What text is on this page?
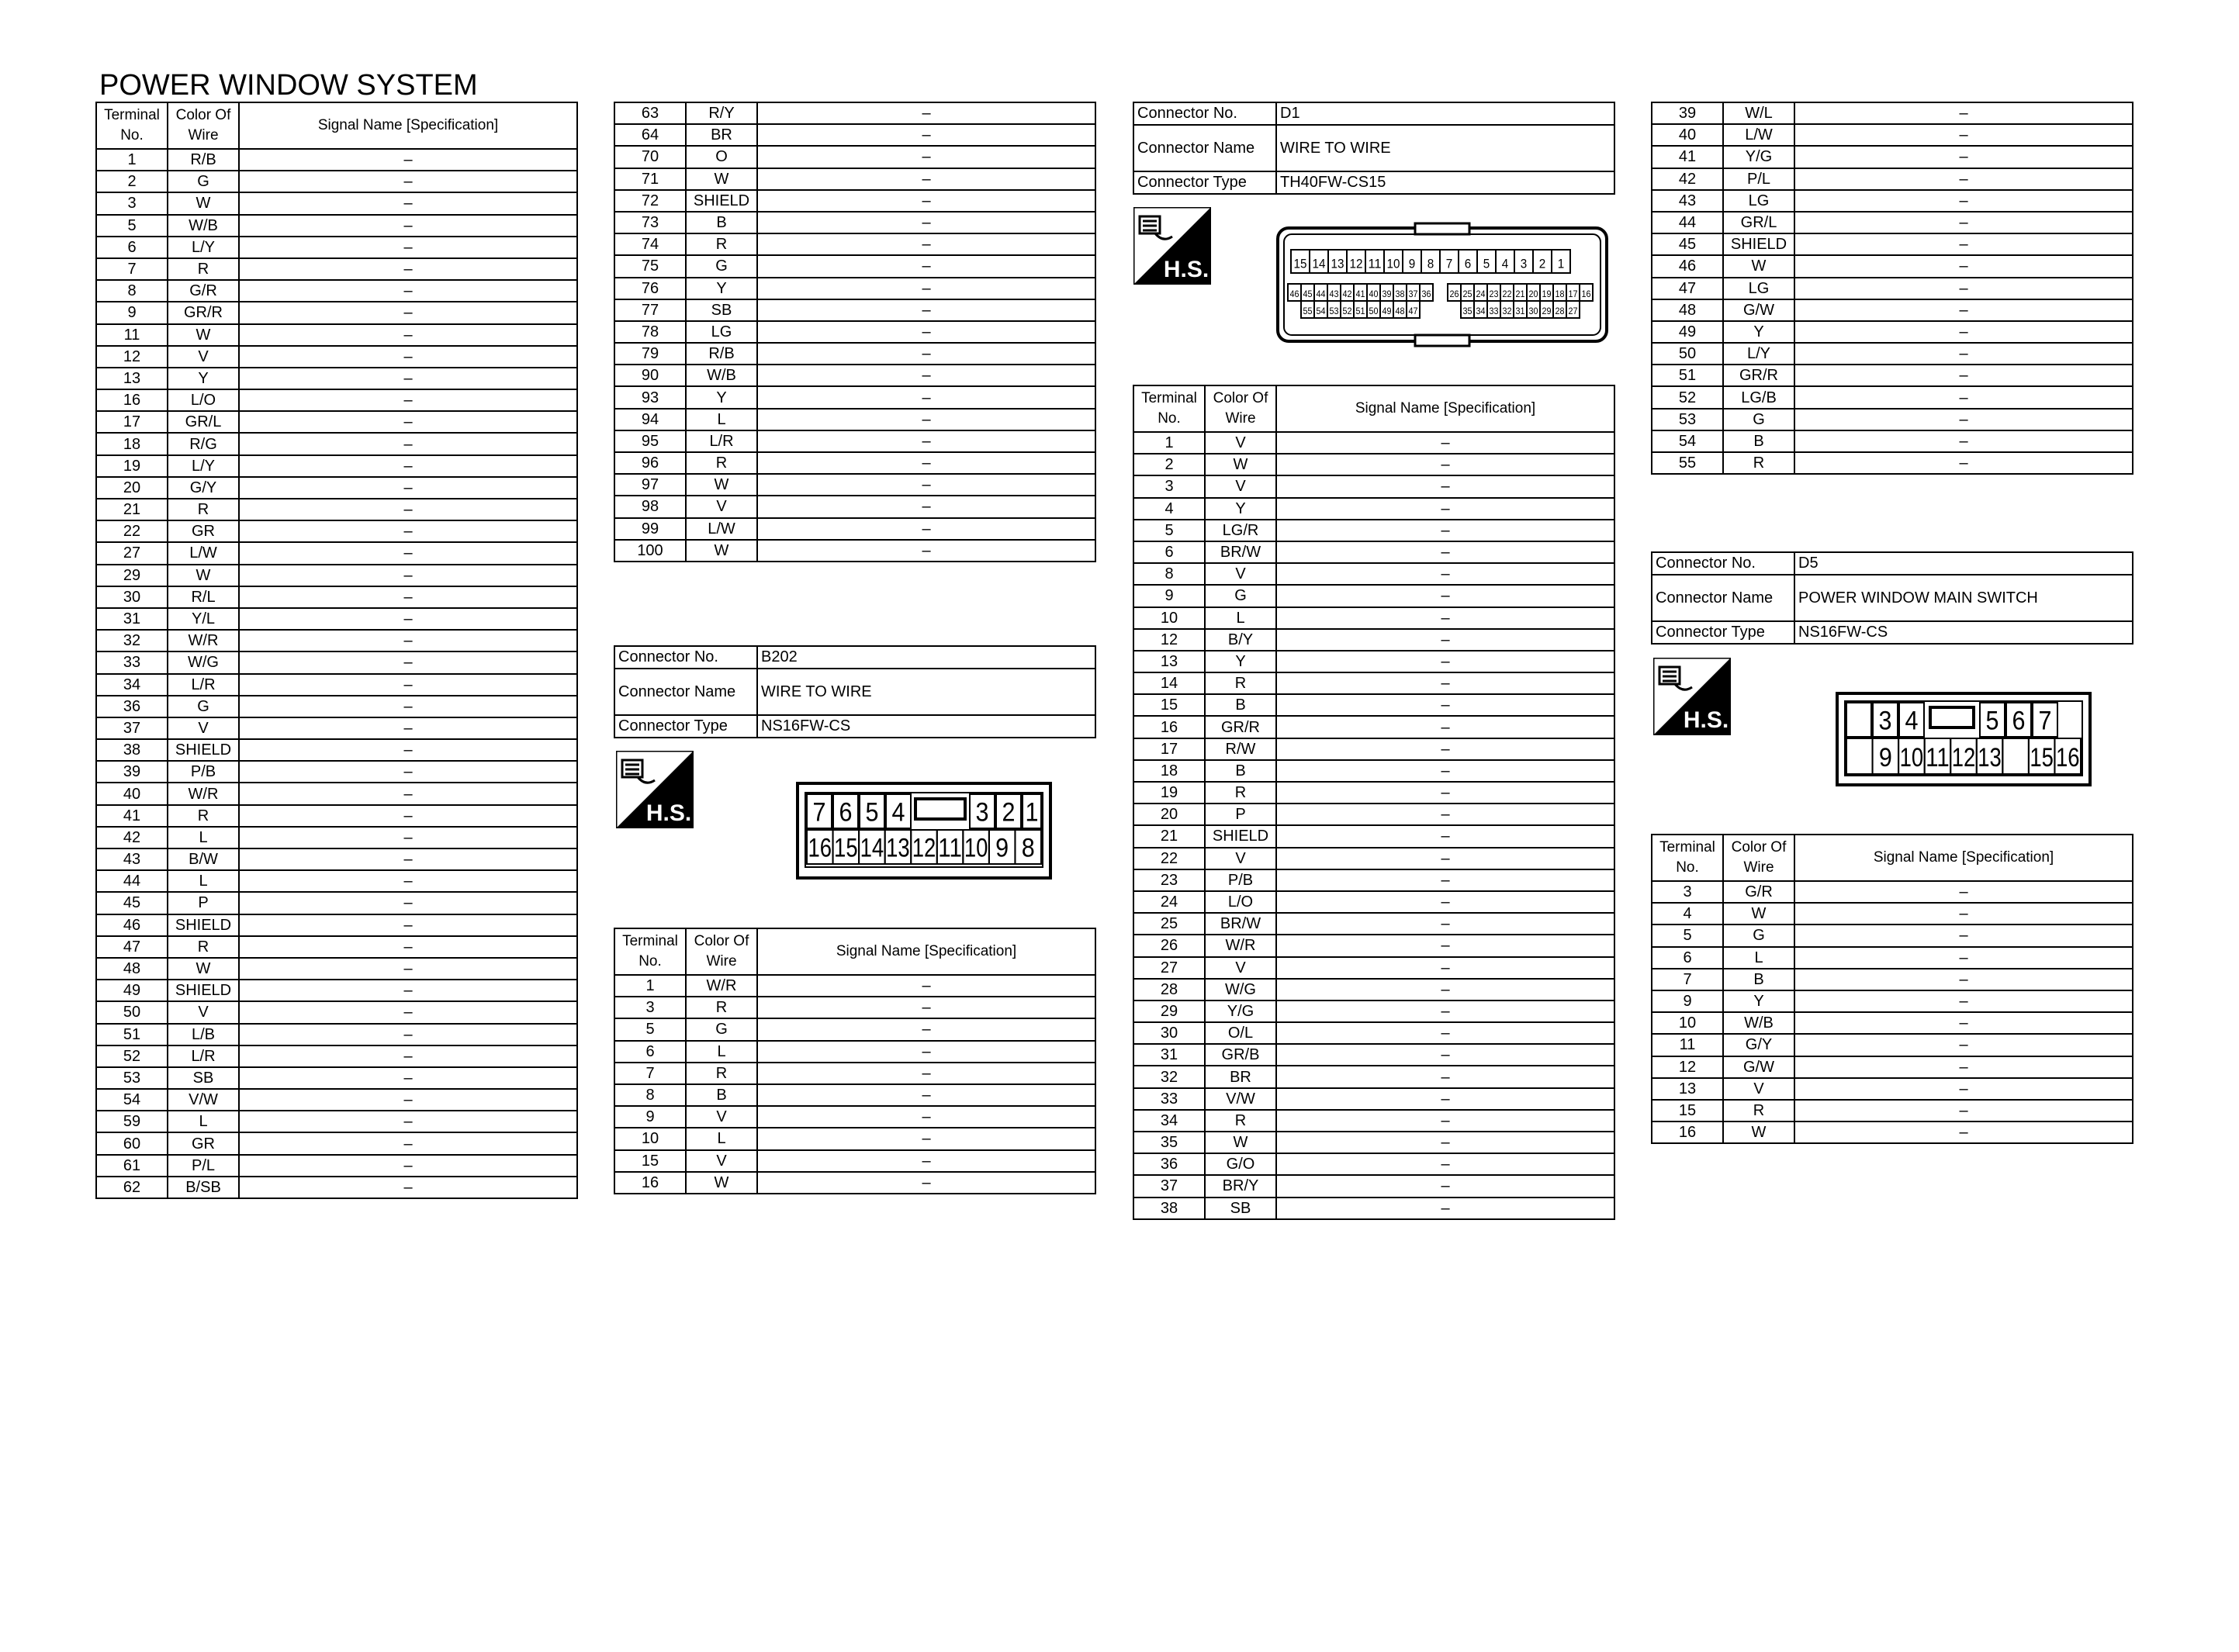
POWER WINDOW SYSTEM
Terminal No.	Color Of Wire	Signal Name [Specification]
1	R/B	–
2	G	–
3	W	–
5	W/B	–
6	L/Y	–
7	R	–
8	G/R	–
9	GR/R	–
11	W	–
12	V	–
13	Y	–
16	L/O	–
17	GR/L	–
18	R/G	–
19	L/Y	–
20	G/Y	–
21	R	–
22	GR	–
27	L/W	–
29	W	–
30	R/L	–
31	Y/L	–
32	W/R	–
33	W/G	–
34	L/R	–
36	G	–
37	V	–
38	SHIELD	–
39	P/B	–
40	W/R	–
41	R	–
42	L	–
43	B/W	–
44	L	–
45	P	–
46	SHIELD	–
47	R	–
48	W	–
49	SHIELD	–
50	V	–
51	L/B	–
52	L/R	–
53	SB	–
54	V/W	–
59	L	–
60	GR	–
61	P/L	–
62	B/SB	–
63	R/Y	–
64	BR	–
70	O	–
71	W	–
72	SHIELD	–
73	B	–
74	R	–
75	G	–
76	Y	–
77	SB	–
78	LG	–
79	R/B	–
90	W/B	–
93	Y	–
94	L	–
95	L/R	–
96	R	–
97	W	–
98	V	–
99	L/W	–
100	W	–
Connector No.	B202
Connector Name	WIRE TO WIRE
Connector Type	NS16FW-CS
H.S.	7 6 5 4	3 2 1
16 15 14 13 12 11 10 9 8
Terminal No.	Color Of Wire	Signal Name [Specification]
1	W/R	–
3	R	–
5	G	–
6	L	–
7	R	–
8	B	–
9	V	–
10	L	–
15	V	–
16	W	–
Connector No.	D1
Connector Name	WIRE TO WIRE
Connector Type	TH40FW-CS15
H.S.	15 14 13 12 11 10 9 8 7 6 5 4 3 2 1
46 45 44 43 42 41 40 39 38 37 36 26 25 24 23 22 21 20 19 18 17 16
55 54 53 52 51 50 49 48 47	35 34 33 32 31 30 29 28 27
Terminal No.	Color Of Wire	Signal Name [Specification]
1	V	–
2	W	–
3	V	–
4	Y	–
5	LG/R	–
6	BR/W	–
8	V	–
9	G	–
10	L	–
12	B/Y	–
13	Y	–
14	R	–
15	B	–
16	GR/R	–
17	R/W	–
18	B	–
19	R	–
20	P	–
21	SHIELD	–
22	V	–
23	P/B	–
24	L/O	–
25	BR/W	–
26	W/R	–
27	V	–
28	W/G	–
29	Y/G	–
30	O/L	–
31	GR/B	–
32	BR	–
33	V/W	–
34	R	–
35	W	–
36	G/O	–
37	BR/Y	–
38	SB	–
39	W/L	–
40	L/W	–
41	Y/G	–
42	P/L	–
43	LG	–
44	GR/L	–
45	SHIELD	–
46	W	–
47	LG	–
48	G/W	–
49	Y	–
50	L/Y	–
51	GR/R	–
52	LG/B	–
53	G	–
54	B	–
55	R	–
Connector No.	D5
Connector Name	POWER WINDOW MAIN SWITCH
Connector Type	NS16FW-CS
H.S.	3 4	5 6 7
9 10 11 12 13 15 16
Terminal No.	Color Of Wire	Signal Name [Specification]
3	G/R	–
4	W	–
5	G	–
6	L	–
7	B	–
9	Y	–
10	W/B	–
11	G/Y	–
12	G/W	–
13	V	–
15	R	–
16	W	–
